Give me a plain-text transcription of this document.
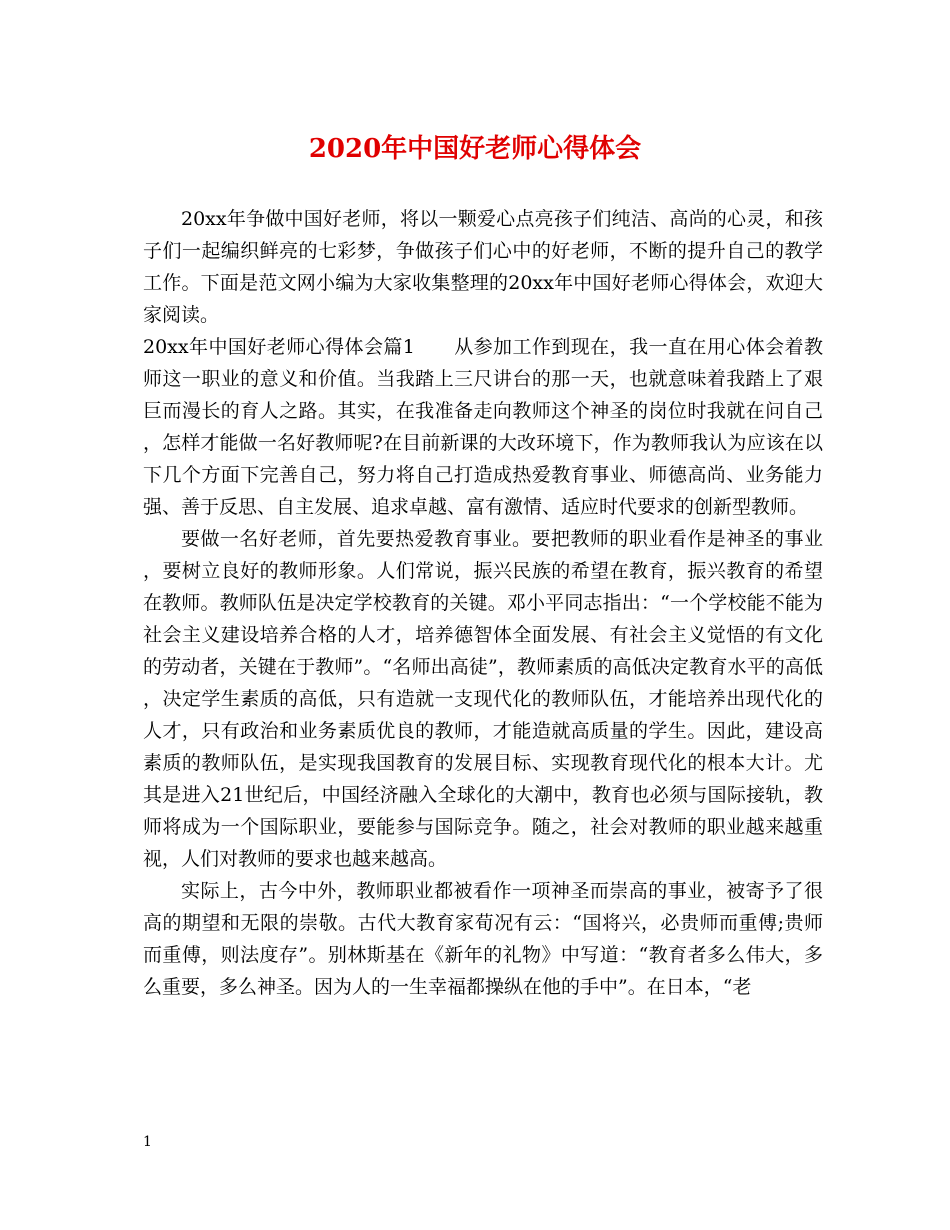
2020年中国好老师心得体会

20xx年争做中国好老师，将以一颗爱心点亮孩子们纯洁、高尚的心灵，和孩子们一起编织鲜亮的七彩梦，争做孩子们心中的好老师，不断的提升自己的教学工作。下面是范文网小编为大家收集整理的20xx年中国好老师心得体会，欢迎大家阅读。

20xx年中国好老师心得体会篇1　　从参加工作到现在，我一直在用心体会着教师这一职业的意义和价值。当我踏上三尺讲台的那一天，也就意味着我踏上了艰巨而漫长的育人之路。其实，在我准备走向教师这个神圣的岗位时我就在问自己，怎样才能做一名好教师呢?在目前新课的大改环境下，作为教师我认为应该在以下几个方面下完善自己，努力将自己打造成热爱教育事业、师德高尚、业务能力强、善于反思、自主发展、追求卓越、富有激情、适应时代要求的创新型教师。

要做一名好老师，首先要热爱教育事业。要把教师的职业看作是神圣的事业，要树立良好的教师形象。人们常说，振兴民族的希望在教育，振兴教育的希望在教师。教师队伍是决定学校教育的关键。邓小平同志指出：“一个学校能不能为社会主义建设培养合格的人才，培养德智体全面发展、有社会主义觉悟的有文化的劳动者，关键在于教师”。“名师出高徒”，教师素质的高低决定教育水平的高低，决定学生素质的高低，只有造就一支现代化的教师队伍，才能培养出现代化的人才，只有政治和业务素质优良的教师，才能造就高质量的学生。因此，建设高素质的教师队伍，是实现我国教育的发展目标、实现教育现代化的根本大计。尤其是进入21世纪后，中国经济融入全球化的大潮中，教育也必须与国际接轨，教师将成为一个国际职业，要能参与国际竞争。随之，社会对教师的职业越来越重视，人们对教师的要求也越来越高。

实际上，古今中外，教师职业都被看作一项神圣而崇高的事业，被寄予了很高的期望和无限的崇敬。古代大教育家荀况有云：“国将兴，必贵师而重傅;贵师而重傅，则法度存”。别林斯基在《新年的礼物》中写道：“教育者多么伟大，多么重要，多么神圣。因为人的一生幸福都操纵在他的手中”。在日本，“老

1
